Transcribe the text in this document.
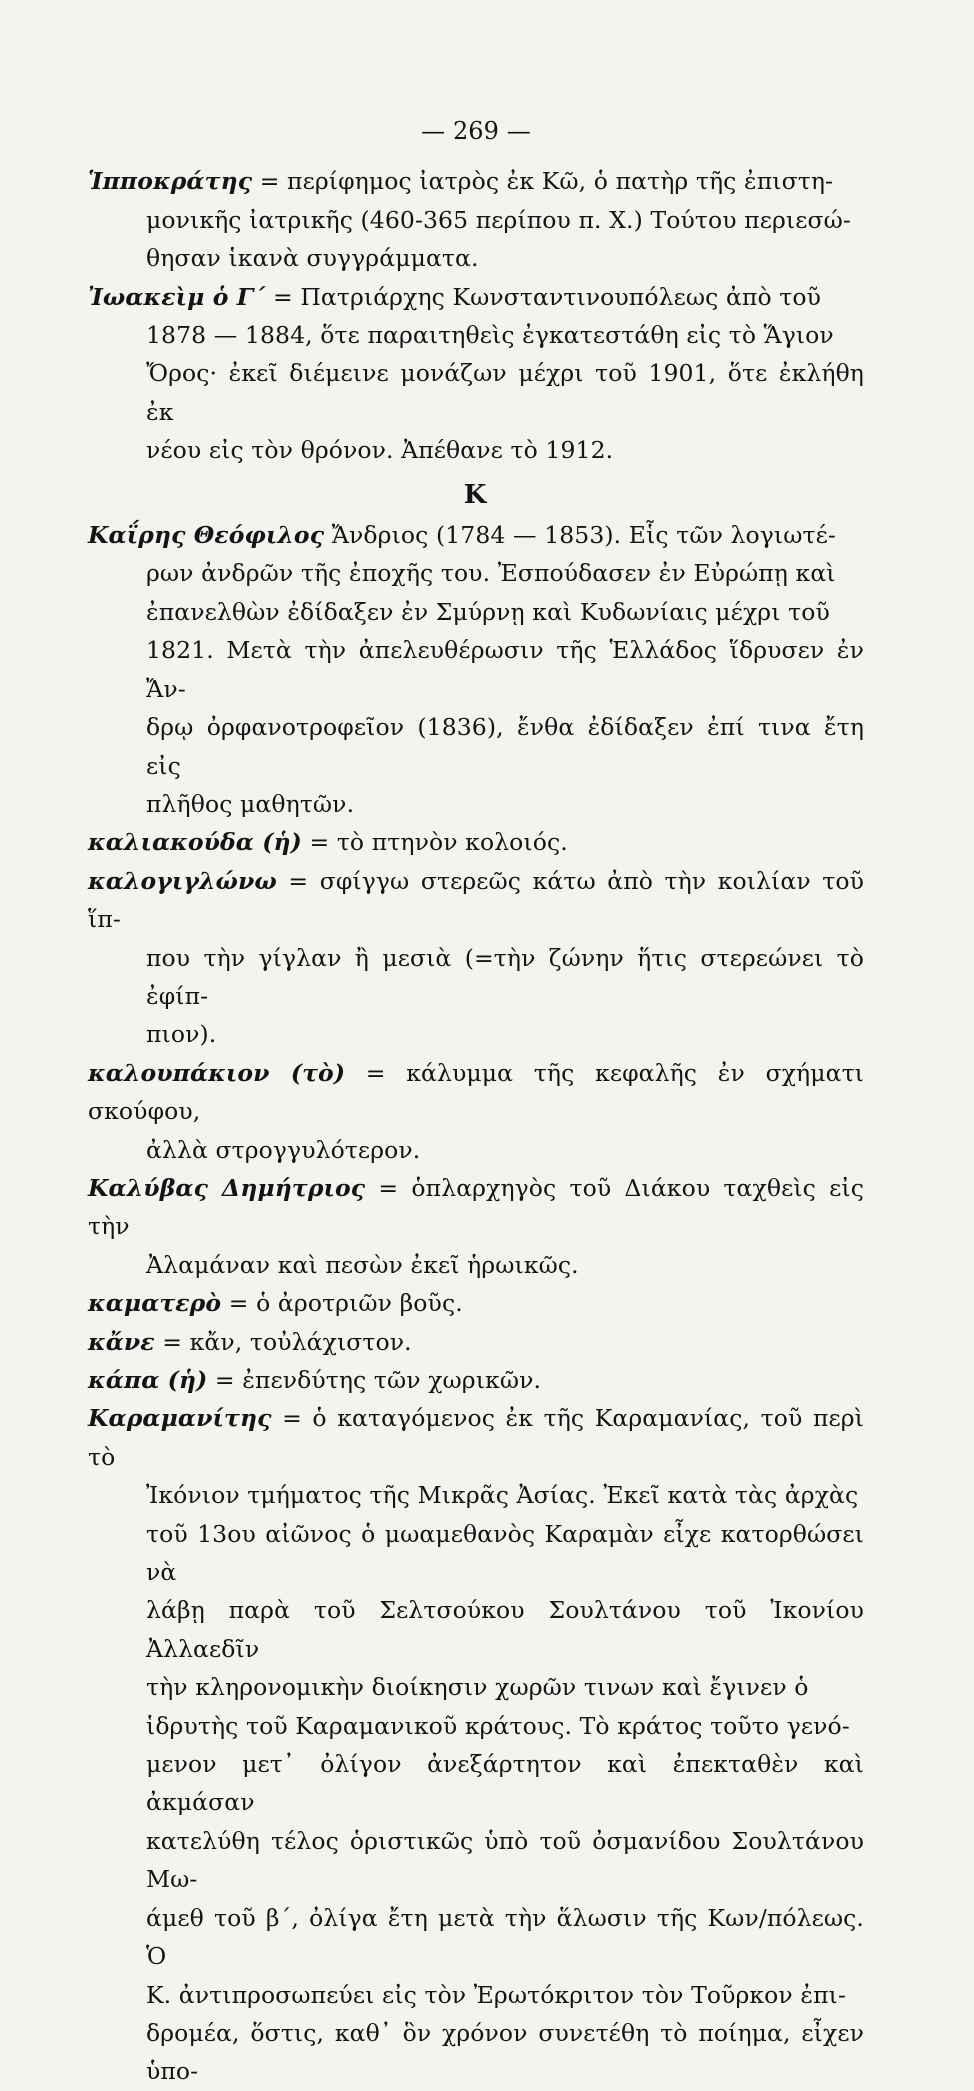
— 269 —
Ἱπποκράτης = περίφημος ἰατρὸς ἐκ Κῶ, ὁ πατὴρ τῆς ἐπιστη-
μονικῆς ἰατρικῆς (460-365 περίπου π. Χ.) Τούτου περιεσώ-
θησαν ἱκανὰ συγγράμματα.
Ἰωακεὶμ ὁ Γ΄ = Πατριάρχης Κωνσταντινουπόλεως ἀπὸ τοῦ
1878 — 1884, ὅτε παραιτηθεὶς ἐγκατεστάθη εἰς τὸ Ἅγιον
Ὄρος· ἐκεῖ διέμεινε μονάζων μέχρι τοῦ 1901, ὅτε ἐκλήθη ἐκ
νέου εἰς τὸν θρόνον. Ἀπέθανε τὸ 1912.
Κ
Καΐρης Θεόφιλος Ἄνδριος (1784 — 1853). Εἷς τῶν λογιωτέ-
ρων ἀνδρῶν τῆς ἐποχῆς του. Ἐσπούδασεν ἐν Εὐρώπῃ καὶ
ἐπανελθὼν ἐδίδαξεν ἐν Σμύρνῃ καὶ Κυδωνίαις μέχρι τοῦ
1821. Μετὰ τὴν ἀπελευθέρωσιν τῆς Ἑλλάδος ἵδρυσεν ἐν Ἄν-
δρῳ ὀρφανοτροφεῖον (1836), ἔνθα ἐδίδαξεν ἐπί τινα ἔτη εἰς
πλῆθος μαθητῶν.
καλιακούδα (ἡ) = τὸ πτηνὸν κολοιός.
καλογιγλώνω = σφίγγω στερεῶς κάτω ἀπὸ τὴν κοιλίαν τοῦ ἵπ-
που τὴν γίγλαν ἢ μεσιὰ (=τὴν ζώνην ἥτις στερεώνει τὸ ἐφίπ-
πιον).
καλουπάκιον (τὸ) = κάλυμμα τῆς κεφαλῆς ἐν σχήματι σκούφου,
ἀλλὰ στρογγυλότερον.
Καλύβας Δημήτριος = ὁπλαρχηγὸς τοῦ Διάκου ταχθεὶς εἰς τὴν
Ἀλαμάναν καὶ πεσὼν ἐκεῖ ἡρωικῶς.
καματερὸ = ὁ ἀροτριῶν βοῦς.
κἄνε = κἄν, τοὐλάχιστον.
κάπα (ἡ) = ἐπενδύτης τῶν χωρικῶν.
Καραμανίτης = ὁ καταγόμενος ἐκ τῆς Καραμανίας, τοῦ περὶ τὸ
Ἰκόνιον τμήματος τῆς Μικρᾶς Ἀσίας. Ἐκεῖ κατὰ τὰς ἀρχὰς
τοῦ 13ου αἰῶνος ὁ μωαμεθανὸς Καραμὰν εἶχε κατορθώσει νὰ
λάβῃ παρὰ τοῦ Σελτσούκου Σουλτάνου τοῦ Ἰκονίου Ἀλλαεδῖν
τὴν κληρονομικὴν διοίκησιν χωρῶν τινων καὶ ἔγινεν ὁ
ἱδρυτὴς τοῦ Καραμανικοῦ κράτους. Τὸ κράτος τοῦτο γενό-
μενον μετ᾽ ὀλίγον ἀνεξάρτητον καὶ ἐπεκταθὲν καὶ ἀκμάσαν
κατελύθη τέλος ὁριστικῶς ὑπὸ τοῦ ὀσμανίδου Σουλτάνου Μω-
άμεθ τοῦ β΄, ὀλίγα ἔτη μετὰ τὴν ἅλωσιν τῆς Κων/πόλεως. Ὁ
Κ. ἀντιπροσωπεύει εἰς τὸν Ἐρωτόκριτον τὸν Τοῦρκον ἐπι-
δρομέα, ὅστις, καθ᾽ ὃν χρόνον συνετέθη τὸ ποίημα, εἶχεν ὑπο-
